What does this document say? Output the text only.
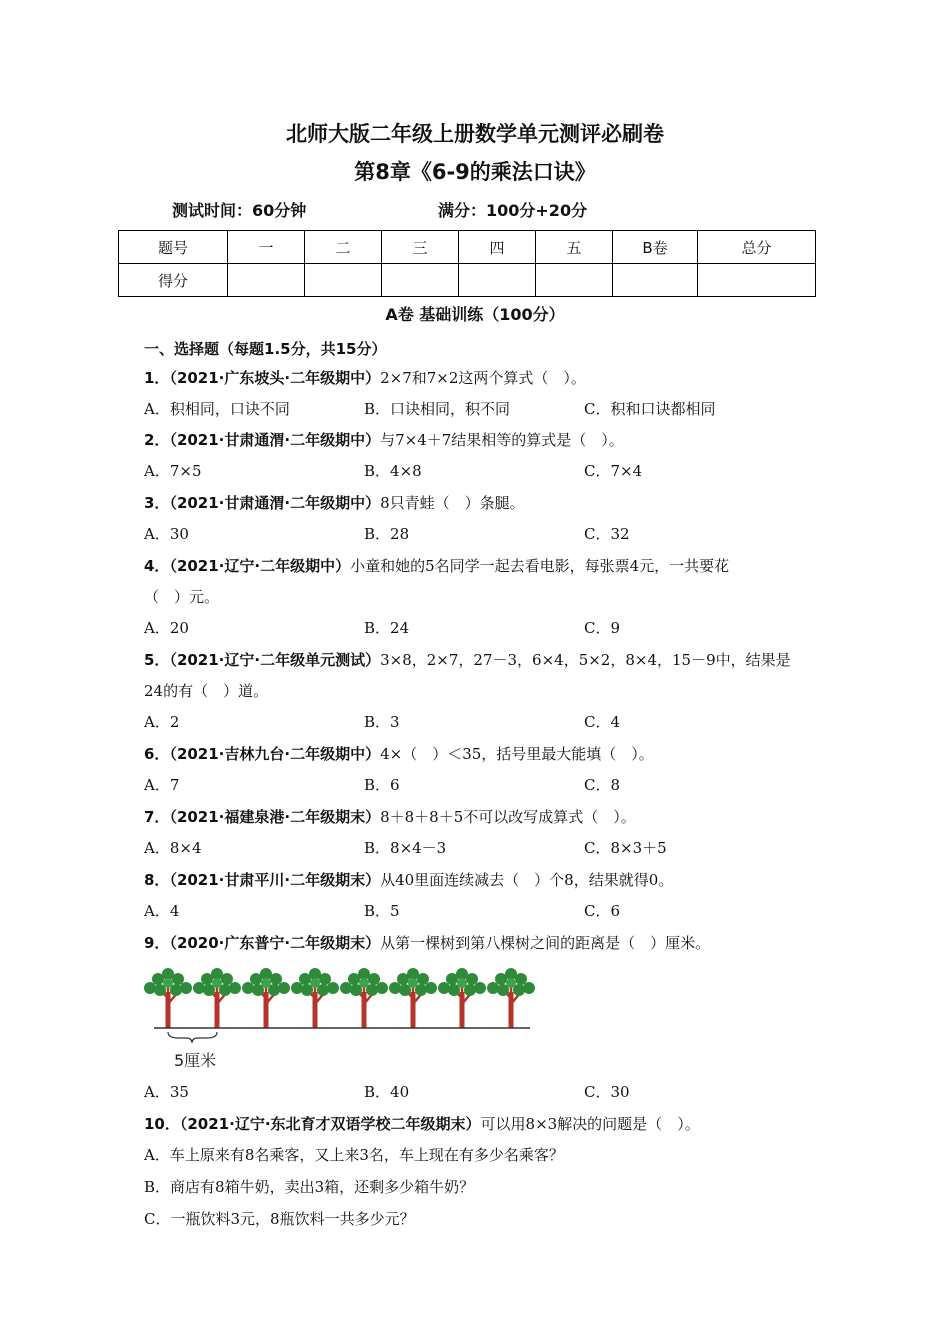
北师大版二年级上册数学单元测评必刷卷
第8章《6-9的乘法口诀》
测试时间：60分钟	满分：100分+20分
题号	一	二	三	四	五	B卷	总分
得分							
A卷 基础训练（100分）
一、选择题（每题1.5分，共15分）
1．（2021·广东坡头·二年级期中）2×7和7×2这两个算式（　）。
A．积相同，口诀不同	B．口诀相同，积不同	C．积和口诀都相同
2．（2021·甘肃通渭·二年级期中）与7×4＋7结果相等的算式是（　）。
A．7×5	B．4×8	C．7×4
3．（2021·甘肃通渭·二年级期中）8只青蛙（　）条腿。
A．30	B．28	C．32
4．（2021·辽宁·二年级期中）小童和她的5名同学一起去看电影，每张票4元，一共要花
（　）元。
A．20	B．24	C．9
5．（2021·辽宁·二年级单元测试）3×8，2×7，27－3，6×4，5×2，8×4，15－9中，结果是
24的有（　）道。
A．2	B．3	C．4
6．（2021·吉林九台·二年级期中）4×（　）＜35，括号里最大能填（　）。
A．7	B．6	C．8
7．（2021·福建泉港·二年级期末）8＋8＋8＋5不可以改写成算式（　）。
A．8×4	B．8×4－3	C．8×3＋5
8．（2021·甘肃平川·二年级期末）从40里面连续减去（　）个8，结果就得0。
A．4	B．5	C．6
9．（2020·广东普宁·二年级期末）从第一棵树到第八棵树之间的距离是（　）厘米。
5厘米
A．35	B．40	C．30
10．（2021·辽宁·东北育才双语学校二年级期末）可以用8×3解决的问题是（　）。
A．车上原来有8名乘客，又上来3名，车上现在有多少名乘客？
B．商店有8箱牛奶，卖出3箱，还剩多少箱牛奶？
C．一瓶饮料3元，8瓶饮料一共多少元？
